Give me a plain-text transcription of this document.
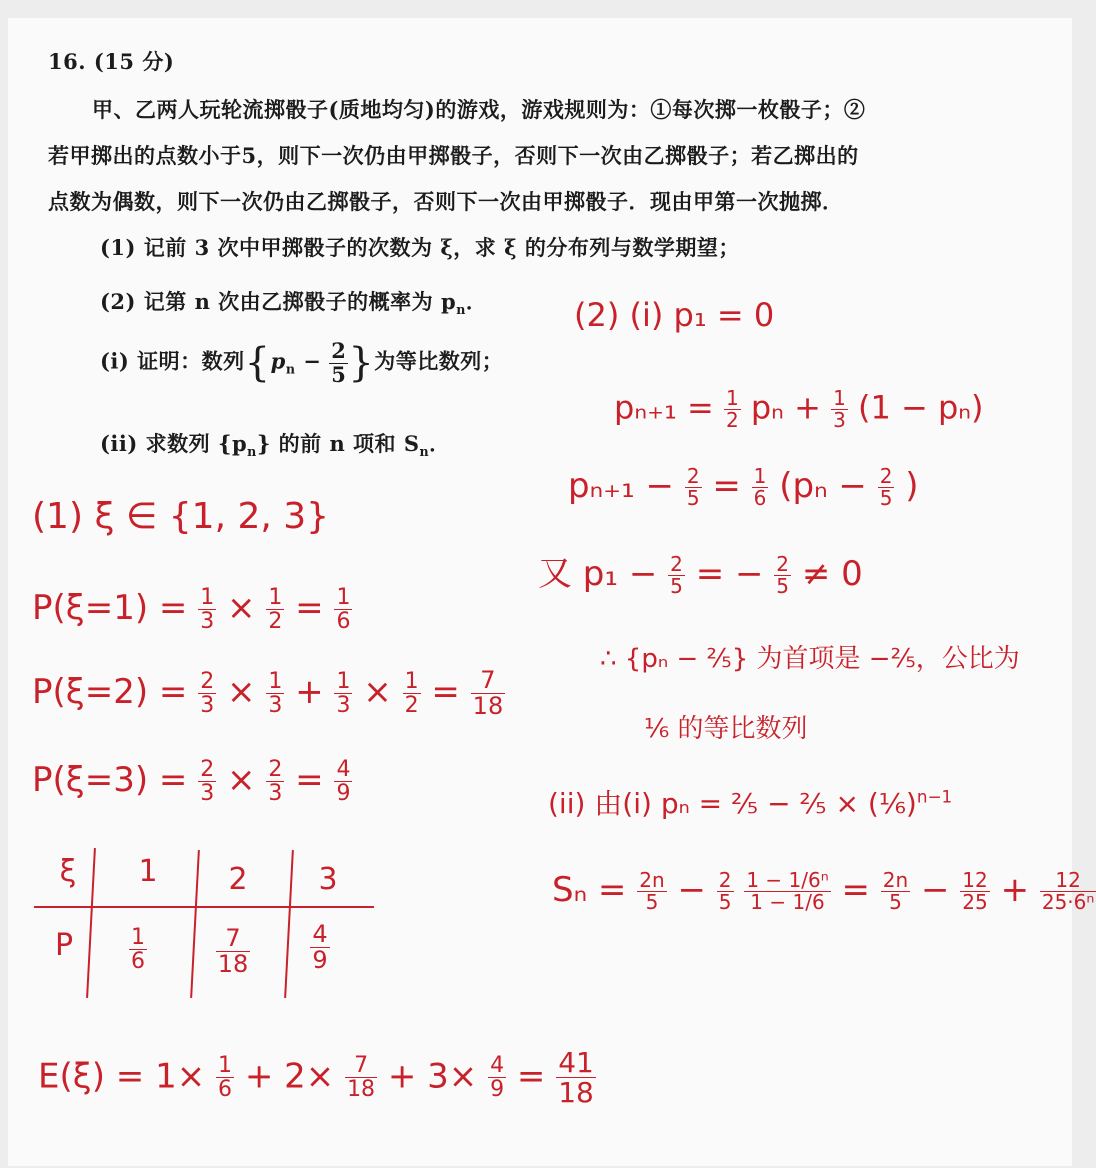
16. (15 分)
甲、乙两人玩轮流掷骰子(质地均匀)的游戏，游戏规则为：①每次掷一枚骰子；②
若甲掷出的点数小于5，则下一次仍由甲掷骰子，否则下一次由乙掷骰子；若乙掷出的
点数为偶数，则下一次仍由乙掷骰子，否则下一次由甲掷骰子．现由甲第一次抛掷．
(1) 记前 3 次中甲掷骰子的次数为 ξ，求 ξ 的分布列与数学期望；
(2) 记第 n 次由乙掷骰子的概率为 $p_n$．
(i) 证明：数列{$p_n - \frac{2}{5}$ }为等比数列；
(ii) 求数列 $\{p_n\}$ 的前 n 项和 $S_n$．
(1) ξ ∈ {1, 2, 3}
$P(\xi=1) = \frac{1}{3} \times \frac{1}{2} = \frac{1}{6}$
$P(\xi=2) = \frac{2}{3} \times \frac{1}{3} + \frac{1}{3} \times \frac{1}{2} = \frac{7}{18}$
$P(\xi=3) = \frac{2}{3} \times \frac{2}{3} = \frac{4}{9}$
ξ	1	2	3
P	$\frac{1}{6}$	$\frac{7}{18}$	$\frac{4}{9}$
$E(\xi) = 1\times \frac{1}{6} + 2\times \frac{7}{18} + 3\times \frac{4}{9} = \frac{41}{18}$
(2) (i) p₁ = 0
$p_{n+1} = \frac{1}{2}$ $p_n + \frac{1}{3} (1 - p_n)$
$p_{n+1} - \frac{2}{5} = \frac{1}{6} (p_n - \frac{2}{5}$ )
又 $p_1 - \frac{2}{5}$ = − $\frac{2}{5} \ne 0$
∴ {pₙ − ⅖} 为首项是 −⅖，公比为
⅙ 的等比数列
(ii) 由(i) pₙ = ⅖ − ⅖ × (⅙)$^{n-1}$
$S_n = \frac{2n}{5} - \frac{2}{5}$
$\frac{\text{1 − 1/6ⁿ}}{1 - 1/6} = \frac{2n}{5} - \frac{12}{25} + \frac{12}{\text{25·6ⁿ}}$
